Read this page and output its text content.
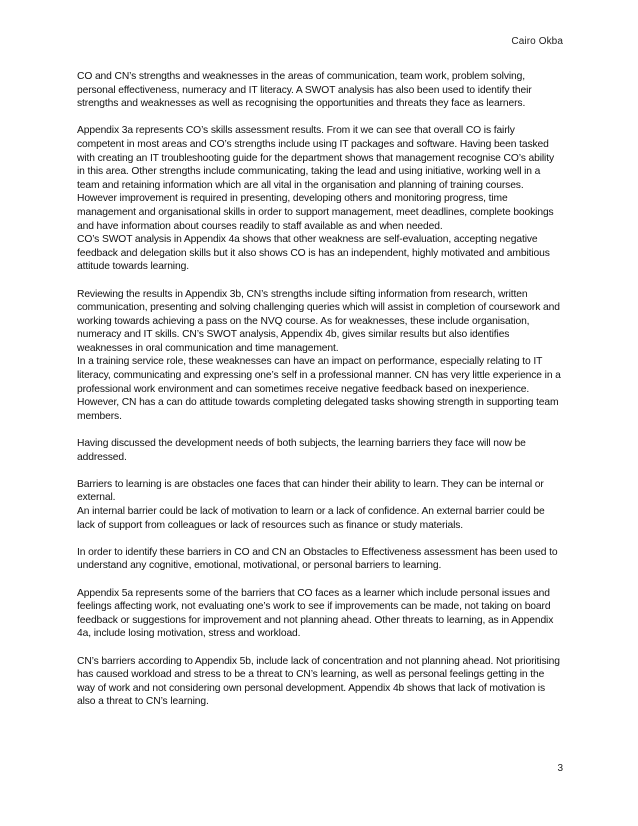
Cairo Okba

CO and CN’s strengths and weaknesses in the areas of communication, team work, problem solving, personal effectiveness, numeracy and IT literacy. A SWOT analysis has also been used to identify their strengths and weaknesses as well as recognising the opportunities and threats they face as learners.

Appendix 3a represents CO’s skills assessment results. From it we can see that overall CO is fairly competent in most areas and CO’s strengths include using IT packages and software. Having been tasked with creating an IT troubleshooting guide for the department shows that management recognise CO’s ability in this area. Other strengths include communicating, taking the lead and using initiative, working well in a team and retaining information which are all vital in the organisation and planning of training courses. However improvement is required in presenting, developing others and monitoring progress, time management and organisational skills in order to support management, meet deadlines, complete bookings and have information about courses readily to staff available as and when needed.
CO’s SWOT analysis in Appendix 4a shows that other weakness are self-evaluation, accepting negative feedback and delegation skills but it also shows CO is has an independent, highly motivated and ambitious attitude towards learning.

Reviewing the results in Appendix 3b, CN’s strengths include sifting information from research, written communication, presenting and solving challenging queries which will assist in completion of coursework and working towards achieving a pass on the NVQ course. As for weaknesses, these include organisation, numeracy and IT skills. CN’s SWOT analysis, Appendix 4b, gives similar results but also identifies weaknesses in oral communication and time management.
In a training service role, these weaknesses can have an impact on performance, especially relating to IT literacy, communicating and expressing one’s self in a professional manner. CN has very little experience in a professional work environment and can sometimes receive negative feedback based on inexperience. However, CN has a can do attitude towards completing delegated tasks showing strength in supporting team members.

Having discussed the development needs of both subjects, the learning barriers they face will now be addressed.

Barriers to learning is are obstacles one faces that can hinder their ability to learn. They can be internal or external.
An internal barrier could be lack of motivation to learn or a lack of confidence. An external barrier could be lack of support from colleagues or lack of resources such as finance or study materials.

In order to identify these barriers in CO and CN an Obstacles to Effectiveness assessment has been used to understand any cognitive, emotional, motivational, or personal barriers to learning.

Appendix 5a represents some of the barriers that CO faces as a learner which include personal issues and feelings affecting work, not evaluating one’s work to see if improvements can be made, not taking on board feedback or suggestions for improvement and not planning ahead. Other threats to learning, as in Appendix 4a, include losing motivation, stress and workload.

CN’s barriers according to Appendix 5b, include lack of concentration and not planning ahead. Not prioritising has caused workload and stress to be a threat to CN’s learning, as well as personal feelings getting in the way of work and not considering own personal development. Appendix 4b shows that lack of motivation is also a threat to CN’s learning.

3
